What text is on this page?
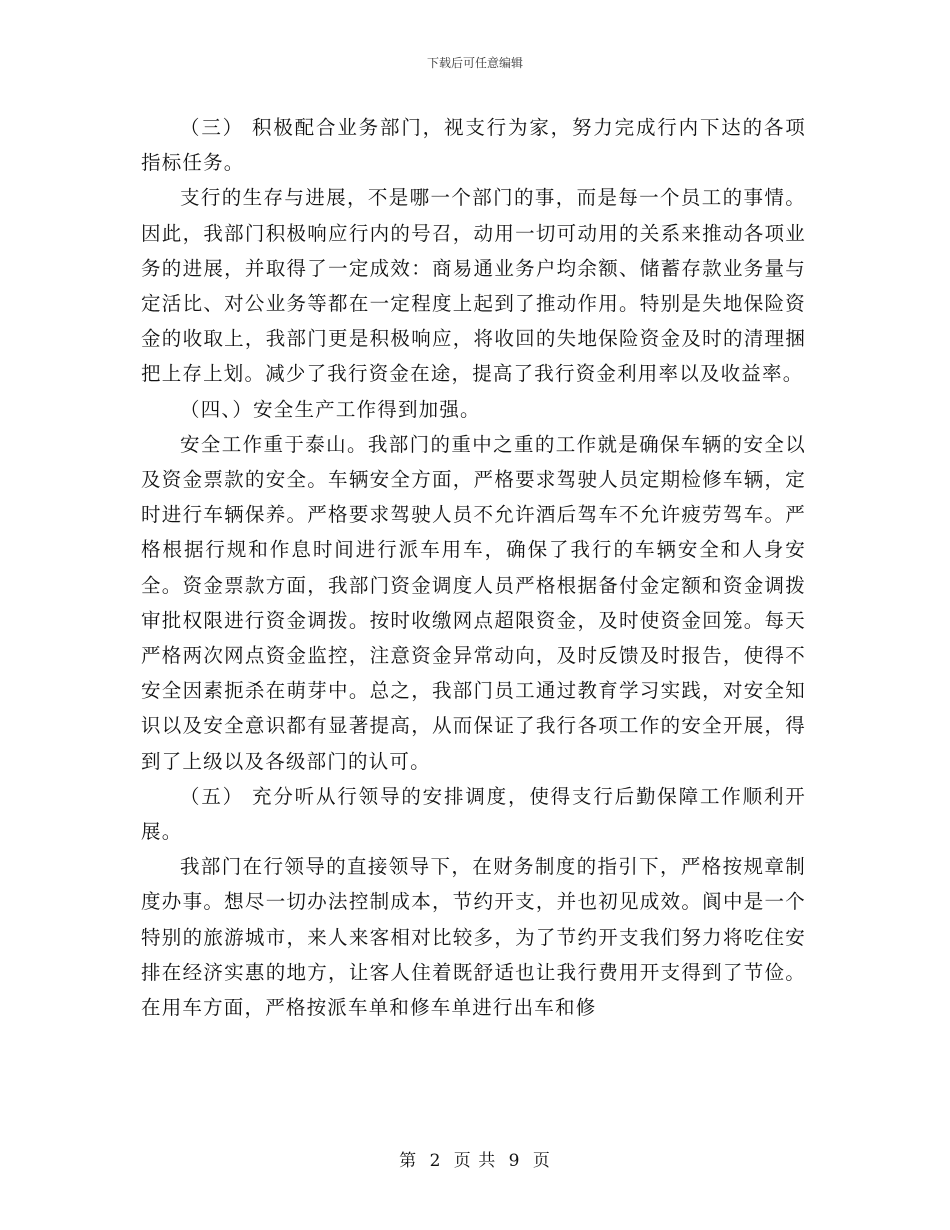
下载后可任意编辑

（三） 积极配合业务部门，视支行为家，努力完成行内下达的各项指标任务。

支行的生存与进展，不是哪一个部门的事，而是每一个员工的事情。因此，我部门积极响应行内的号召，动用一切可动用的关系来推动各项业务的进展，并取得了一定成效：商易通业务户均余额、储蓄存款业务量与定活比、对公业务等都在一定程度上起到了推动作用。特别是失地保险资金的收取上，我部门更是积极响应，将收回的失地保险资金及时的清理捆把上存上划。减少了我行资金在途，提高了我行资金利用率以及收益率。

（四、）安全生产工作得到加强。

安全工作重于泰山。我部门的重中之重的工作就是确保车辆的安全以及资金票款的安全。车辆安全方面，严格要求驾驶人员定期检修车辆，定时进行车辆保养。严格要求驾驶人员不允许酒后驾车不允许疲劳驾车。严格根据行规和作息时间进行派车用车，确保了我行的车辆安全和人身安全。资金票款方面，我部门资金调度人员严格根据备付金定额和资金调拨审批权限进行资金调拨。按时收缴网点超限资金，及时使资金回笼。每天严格两次网点资金监控，注意资金异常动向，及时反馈及时报告，使得不安全因素扼杀在萌芽中。总之，我部门员工通过教育学习实践，对安全知识以及安全意识都有显著提高，从而保证了我行各项工作的安全开展，得到了上级以及各级部门的认可。

（五） 充分听从行领导的安排调度，使得支行后勤保障工作顺利开展。

我部门在行领导的直接领导下，在财务制度的指引下，严格按规章制度办事。想尽一切办法控制成本，节约开支，并也初见成效。阆中是一个特别的旅游城市，来人来客相对比较多，为了节约开支我们努力将吃住安排在经济实惠的地方，让客人住着既舒适也让我行费用开支得到了节俭。在用车方面，严格按派车单和修车单进行出车和修

第 2 页 共 9 页
